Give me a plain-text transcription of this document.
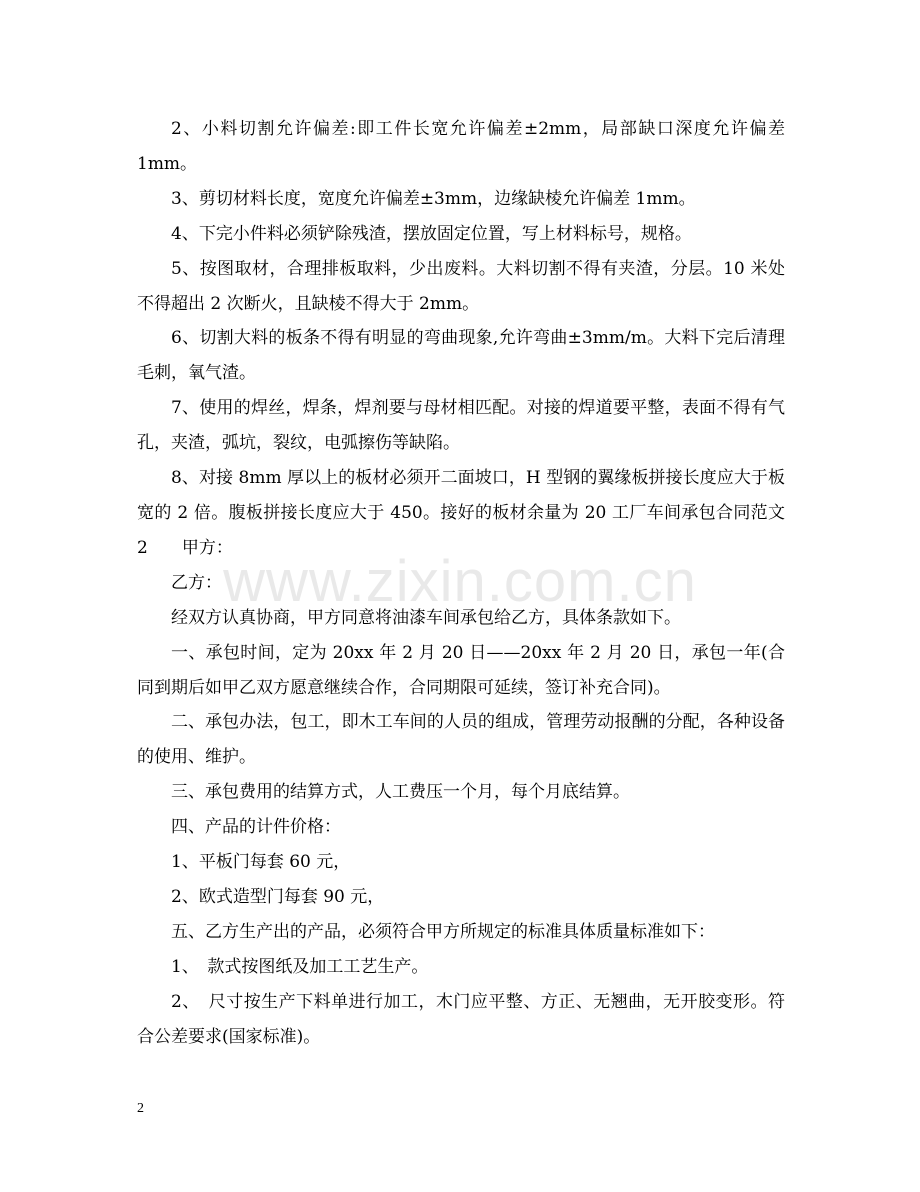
2、小料切割允许偏差:即工件长宽允许偏差±2mm，局部缺口深度允许偏差1mm。

3、剪切材料长度，宽度允许偏差±3mm，边缘缺棱允许偏差 1mm。

4、下完小件料必须铲除残渣，摆放固定位置，写上材料标号，规格。

5、按图取材，合理排板取料，少出废料。大料切割不得有夹渣，分层。10 米处不得超出 2 次断火，且缺棱不得大于 2mm。

6、切割大料的板条不得有明显的弯曲现象,允许弯曲±3mm/m。大料下完后清理毛刺，氧气渣。

7、使用的焊丝，焊条，焊剂要与母材相匹配。对接的焊道要平整，表面不得有气孔，夹渣，弧坑，裂纹，电弧擦伤等缺陷。

8、对接 8mm 厚以上的板材必须开二面坡口，H 型钢的翼缘板拼接长度应大于板宽的 2 倍。腹板拼接长度应大于 450。接好的板材余量为 20 工厂车间承包合同范文 2　　甲方：

乙方：

经双方认真协商，甲方同意将油漆车间承包给乙方，具体条款如下。

一、承包时间，定为 20xx 年 2 月 20 日——20xx 年 2 月 20 日，承包一年(合同到期后如甲乙双方愿意继续合作，合同期限可延续，签订补充合同)。

二、承包办法，包工，即木工车间的人员的组成，管理劳动报酬的分配，各种设备的使用、维护。

三、承包费用的结算方式，人工费压一个月，每个月底结算。

四、产品的计件价格：

1、平板门每套 60 元，

2、欧式造型门每套 90 元，

五、乙方生产出的产品，必须符合甲方所规定的标准具体质量标准如下：

1、　款式按图纸及加工工艺生产。

2、　尺寸按生产下料单进行加工，木门应平整、方正、无翘曲，无开胶变形。符合公差要求(国家标准)。

www.zixin.com.cn
2
